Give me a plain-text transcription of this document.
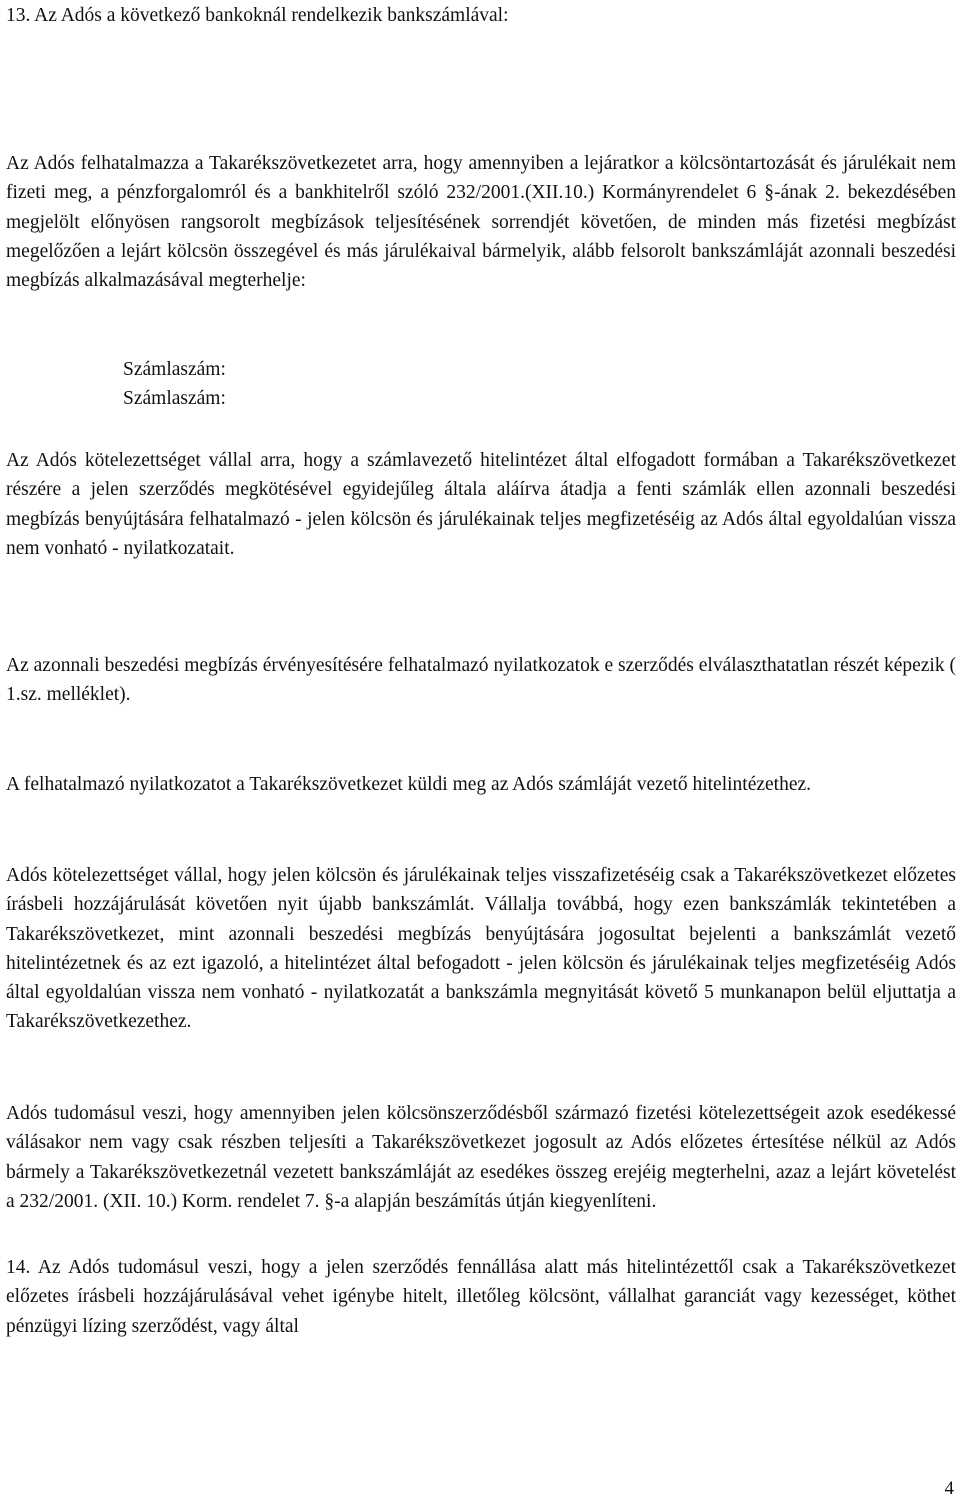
13. Az Adós a következő bankoknál rendelkezik bankszámlával:

Az Adós felhatalmazza a Takarékszövetkezetet arra, hogy amennyiben a lejáratkor a kölcsöntartozását és járulékait nem fizeti meg, a pénzforgalomról és a bankhitelről szóló 232/2001.(XII.10.) Kormányrendelet 6 §-ának 2. bekezdésében megjelölt előnyösen rangsorolt megbízások teljesítésének sorrendjét követően, de minden más fizetési megbízást megelőzően a lejárt kölcsön összegével és más járulékaival bármelyik, alább felsorolt bankszámláját azonnali beszedési megbízás alkalmazásával megterhelje:

Számlaszám:
Számlaszám:

Az Adós kötelezettséget vállal arra, hogy a számlavezető hitelintézet által elfogadott formában a Takarékszövetkezet részére a jelen szerződés megkötésével egyidejűleg általa aláírva átadja a fenti számlák ellen azonnali beszedési megbízás benyújtására felhatalmazó - jelen kölcsön és járulékainak teljes megfizetéséig az Adós által egyoldalúan vissza nem vonható - nyilatkozatait.

Az azonnali beszedési megbízás érvényesítésére felhatalmazó nyilatkozatok e szerződés elválaszthatatlan részét képezik ( 1.sz. melléklet).

A felhatalmazó nyilatkozatot a Takarékszövetkezet küldi meg az Adós számláját vezető hitelintézethez.

Adós kötelezettséget vállal, hogy jelen kölcsön és járulékainak teljes visszafizetéséig csak a Takarékszövetkezet előzetes írásbeli hozzájárulását követően nyit újabb bankszámlát. Vállalja továbbá, hogy ezen bankszámlák tekintetében a Takarékszövetkezet, mint azonnali beszedési megbízás benyújtására jogosultat bejelenti a bankszámlát vezető hitelintézetnek és az ezt igazoló, a hitelintézet által befogadott - jelen kölcsön és járulékainak teljes megfizetéséig Adós által egyoldalúan vissza nem vonható - nyilatkozatát a bankszámla megnyitását követő 5 munkanapon belül eljuttatja a Takarékszövetkezethez.

Adós tudomásul veszi, hogy amennyiben jelen kölcsönszerződésből származó fizetési kötelezettségeit azok esedékessé válásakor nem vagy csak részben teljesíti a Takarékszövetkezet jogosult az Adós előzetes értesítése nélkül az Adós bármely a Takarékszövetkezetnál vezetett bankszámláját az esedékes összeg erejéig megterhelni, azaz a lejárt követelést a 232/2001. (XII. 10.) Korm. rendelet 7. §-a alapján beszámítás útján kiegyenlíteni.

14. Az Adós tudomásul veszi, hogy a jelen szerződés fennállása alatt más hitelintézettől csak a Takarékszövetkezet előzetes írásbeli hozzájárulásával vehet igénybe hitelt, illetőleg kölcsönt, vállalhat garanciát vagy kezességet, köthet pénzügyi lízing szerződést, vagy által

4
